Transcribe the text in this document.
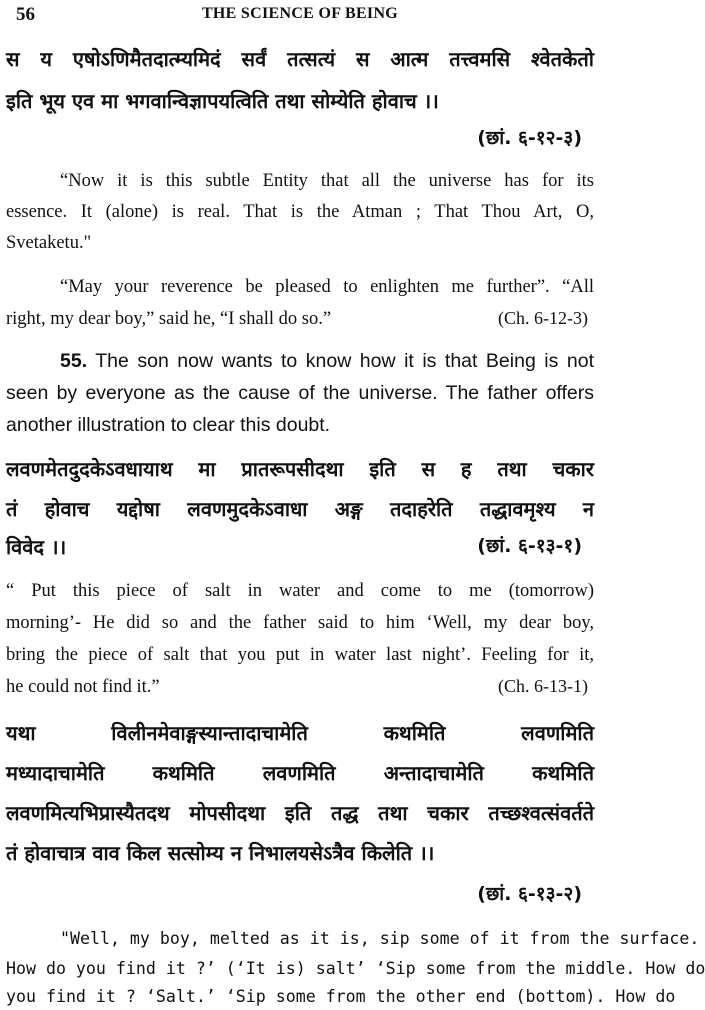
56	THE SCIENCE OF BEING
स य एषोऽणिमैतदात्म्यमिदं सर्वं तत्सत्यं स आत्म तत्त्वमसि श्वेतकेतो
इति भूय एव मा भगवान्विज्ञापयत्विति तथा सोम्येति होवाच ।।
(छां. ६-१२-३)
“Now it is this subtle Entity that all the universe has for its
essence. It (alone) is real. That is the Atman ; That Thou Art, O,
Svetaketu."
“May your reverence be pleased to enlighten me further”. “All
right, my dear boy,” said he, “I shall do so.”	(Ch. 6-12-3)
55. The son now wants to know how it is that Being is not
seen by everyone as the cause of the universe. The father offers
another illustration to clear this doubt.
लवणमेतदुदकेऽवधायाथ मा प्रातरूपसीदथा इति स ह तथा चकार
तं होवाच यद्दोषा लवणमुदकेऽवाधा अङ्ग तदाहरेति तद्धावमृश्य न
विवेद ।।	(छां. ६-१३-१)
“ Put this piece of salt in water and come to me (tomorrow)
morning’- He did so and the father said to him ‘Well, my dear boy,
bring the piece of salt that you put in water last night’. Feeling for it,
he could not find it.”	(Ch. 6-13-1)
यथा विलीनमेवाङ्गस्यान्तादाचामेति कथमिति लवणमिति
मध्यादाचामेति कथमिति लवणमिति अन्तादाचामेति कथमिति
लवणमित्यभिप्रास्यैतदथ मोपसीदथा इति तद्ध तथा चकार तच्छश्वत्संवर्तते
तं होवाचात्र वाव किल सत्सोम्य न निभालयसेऽत्रैव किलेति ।।
(छां. ६-१३-२)
"Well, my boy, melted as it is, sip some of it from the surface.
How do you find it ?’ (‘It is) salt’ ‘Sip some from the middle. How do
you find it ? ‘Salt.’ ‘Sip some from the other end (bottom). How do
